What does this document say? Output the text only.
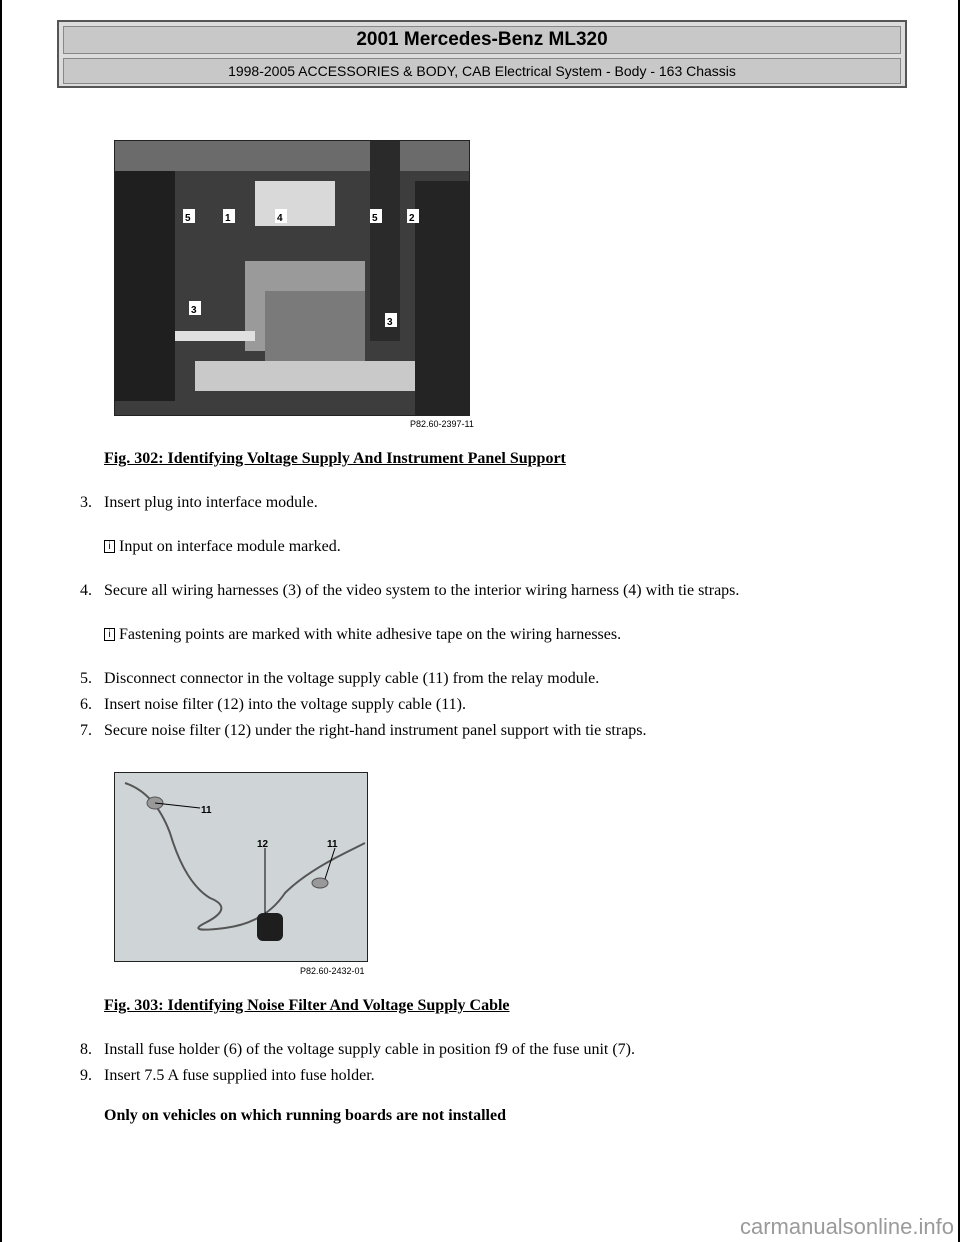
2001 Mercedes-Benz ML320
1998-2005 ACCESSORIES & BODY, CAB Electrical System - Body - 163 Chassis
5	1	4	5	2
3
3
P82.60-2397-11
Fig. 302: Identifying Voltage Supply And Instrument Panel Support
3. Insert plug into interface module.
i Input on interface module marked.
4. Secure all wiring harnesses (3) of the video system to the interior wiring harness (4) with tie straps.
i Fastening points are marked with white adhesive tape on the wiring harnesses.
5. Disconnect connector in the voltage supply cable (11) from the relay module.
6. Insert noise filter (12) into the voltage supply cable (11).
7. Secure noise filter (12) under the right-hand instrument panel support with tie straps.
11
12	11
P82.60-2432-01
Fig. 303: Identifying Noise Filter And Voltage Supply Cable
8. Install fuse holder (6) of the voltage supply cable in position f9 of the fuse unit (7).
9. Insert 7.5 A fuse supplied into fuse holder.
Only on vehicles on which running boards are not installed
carmanualsonline.info
